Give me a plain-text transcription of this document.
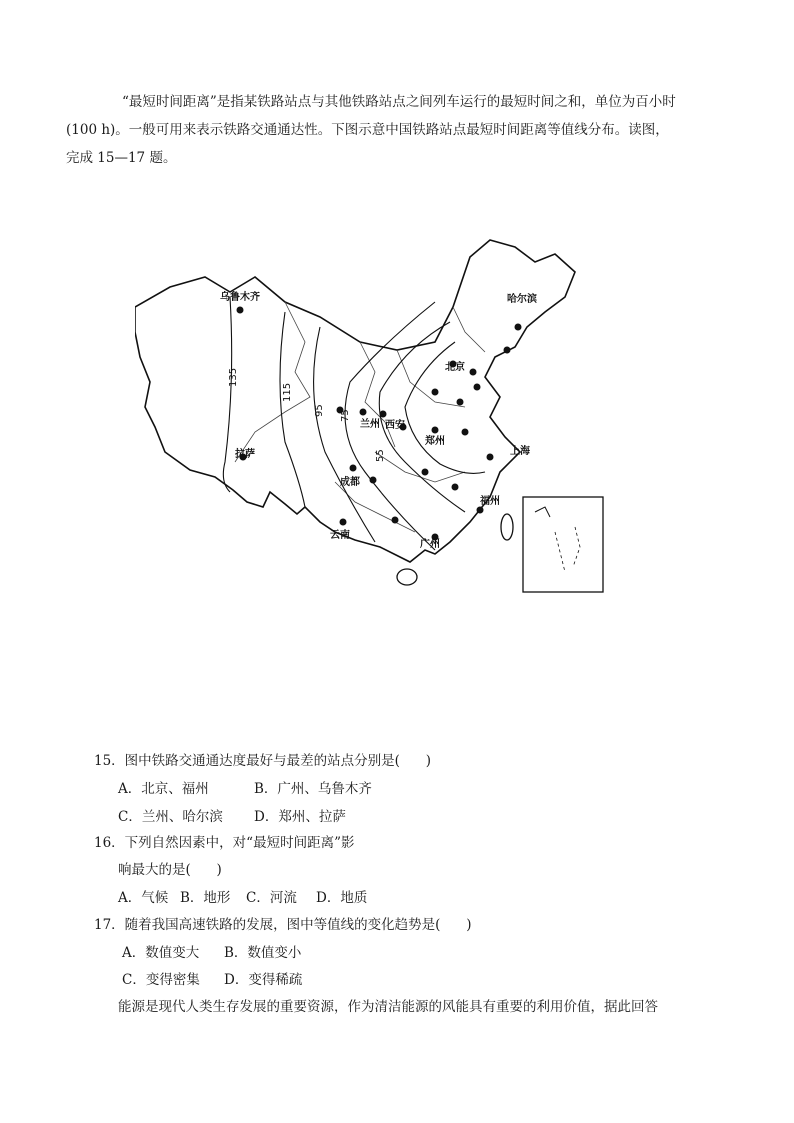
“最短时间距离”是指某铁路站点与其他铁路站点之间列车运行的最短时间之和，单位为百小时
(100 h)。一般可用来表示铁路交通通达性。下图示意中国铁路站点最短时间距离等值线分布。读图，
完成 15—17 题。
乌鲁木齐	哈尔滨
北京
兰州 西安
郑州
上海
拉萨
成都
福州
广州
云南
135
115
95 75
55
15．图中铁路交通通达度最好与最差的站点分别是(      )
A．北京、福州	B．广州、乌鲁木齐
C．兰州、哈尔滨 D．郑州、拉萨
16．下列自然因素中，对“最短时间距离”影
响最大的是(      )
A．气候 B．地形 C．河流 D．地质
17．随着我国高速铁路的发展，图中等值线的变化趋势是(      )
A．数值变大 B．数值变小
C．变得密集 D．变得稀疏
能源是现代人类生存发展的重要资源，作为清洁能源的风能具有重要的利用价值，据此回答
